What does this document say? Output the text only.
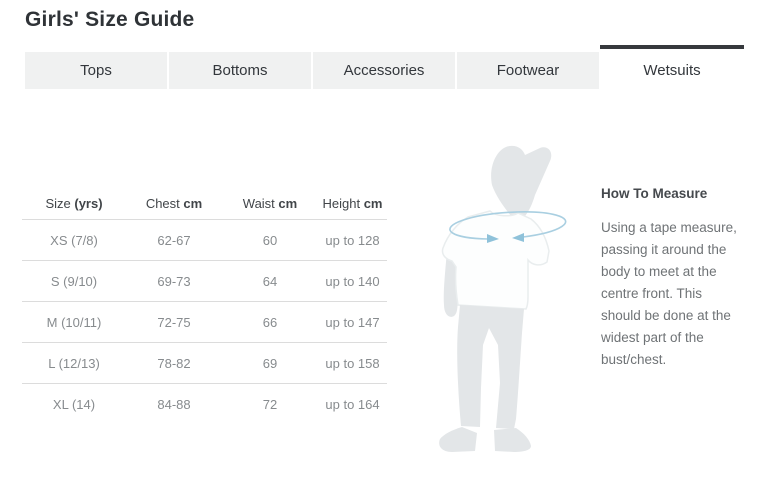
Girls' Size Guide
Tops	Bottoms	Accessories	Footwear	Wetsuits
Size (yrs)	Chest cm	Waist cm	Height cm
XS (7/8)	62-67	60	up to 128
S (9/10)	69-73	64	up to 140
M (10/11)	72-75	66	up to 147
L (12/13)	78-82	69	up to 158
XL (14)	84-88	72	up to 164
How To Measure

Using a tape measure, passing it around the body to meet at the centre front. This should be done at the widest part of the bust/chest.
